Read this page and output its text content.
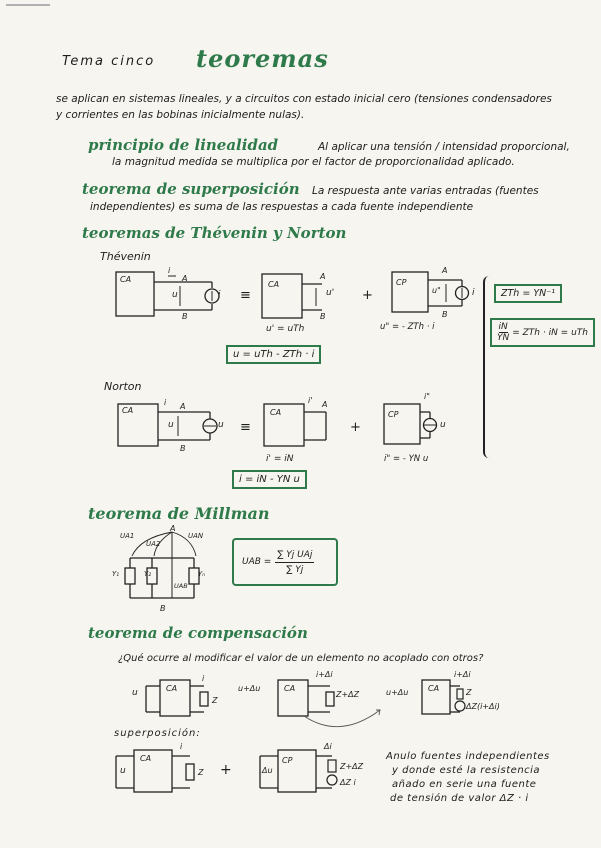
Tema cinco teoremas
se aplican en sistemas lineales, y a circuitos con estado inicial cero (tensiones condensadores
y corrientes en las bobinas inicialmente nulas).
principio de linealidad	Al aplicar una tensión / intensidad proporcional,
la magnitud medida se multiplica por el factor de proporcionalidad aplicado.
teorema de superposición La respuesta ante varias entradas (fuentes
independientes) es suma de las respuestas a cada fuente independiente
teoremas de Thévenin y Norton
Thévenin
CA
i
A
u
B
i ≡
CA
A
u'
B
u' = uTh
+
CP
A
u"
B
i
u" = - ZTh · i
u = uTh - ZTh · i
ZTh = YN⁻¹
$\frac{iN}{YN}$ = ZTh · iN = uTh
Norton
CA
i A
u
B
u ≡
CA
i' A
i' = iN
+
CP
i"
u
i" = - YN u
i = iN - YN u
teorema de Millman
A
UA1
UA2
UAN
Y₁	Y₂	Yₙ
UAB
B
UAB =
∑ Yj UAj
∑ Yj
teorema de compensación
¿Qué ocurre al modificar el valor de un elemento no acoplado con otros?
u	CA
i
Z
u+Δu	CA
i+Δi
Z+ΔZ	u+Δu CA
i+Δi
Z
ΔZ(i+Δi)
superposición:
u
CA
i
Z +	Δu
CP
Δi
Z+ΔZ
ΔZ i
Anulo fuentes independientes
y donde esté la resistencia
añado en serie una fuente
de tensión de valor ΔZ · i
